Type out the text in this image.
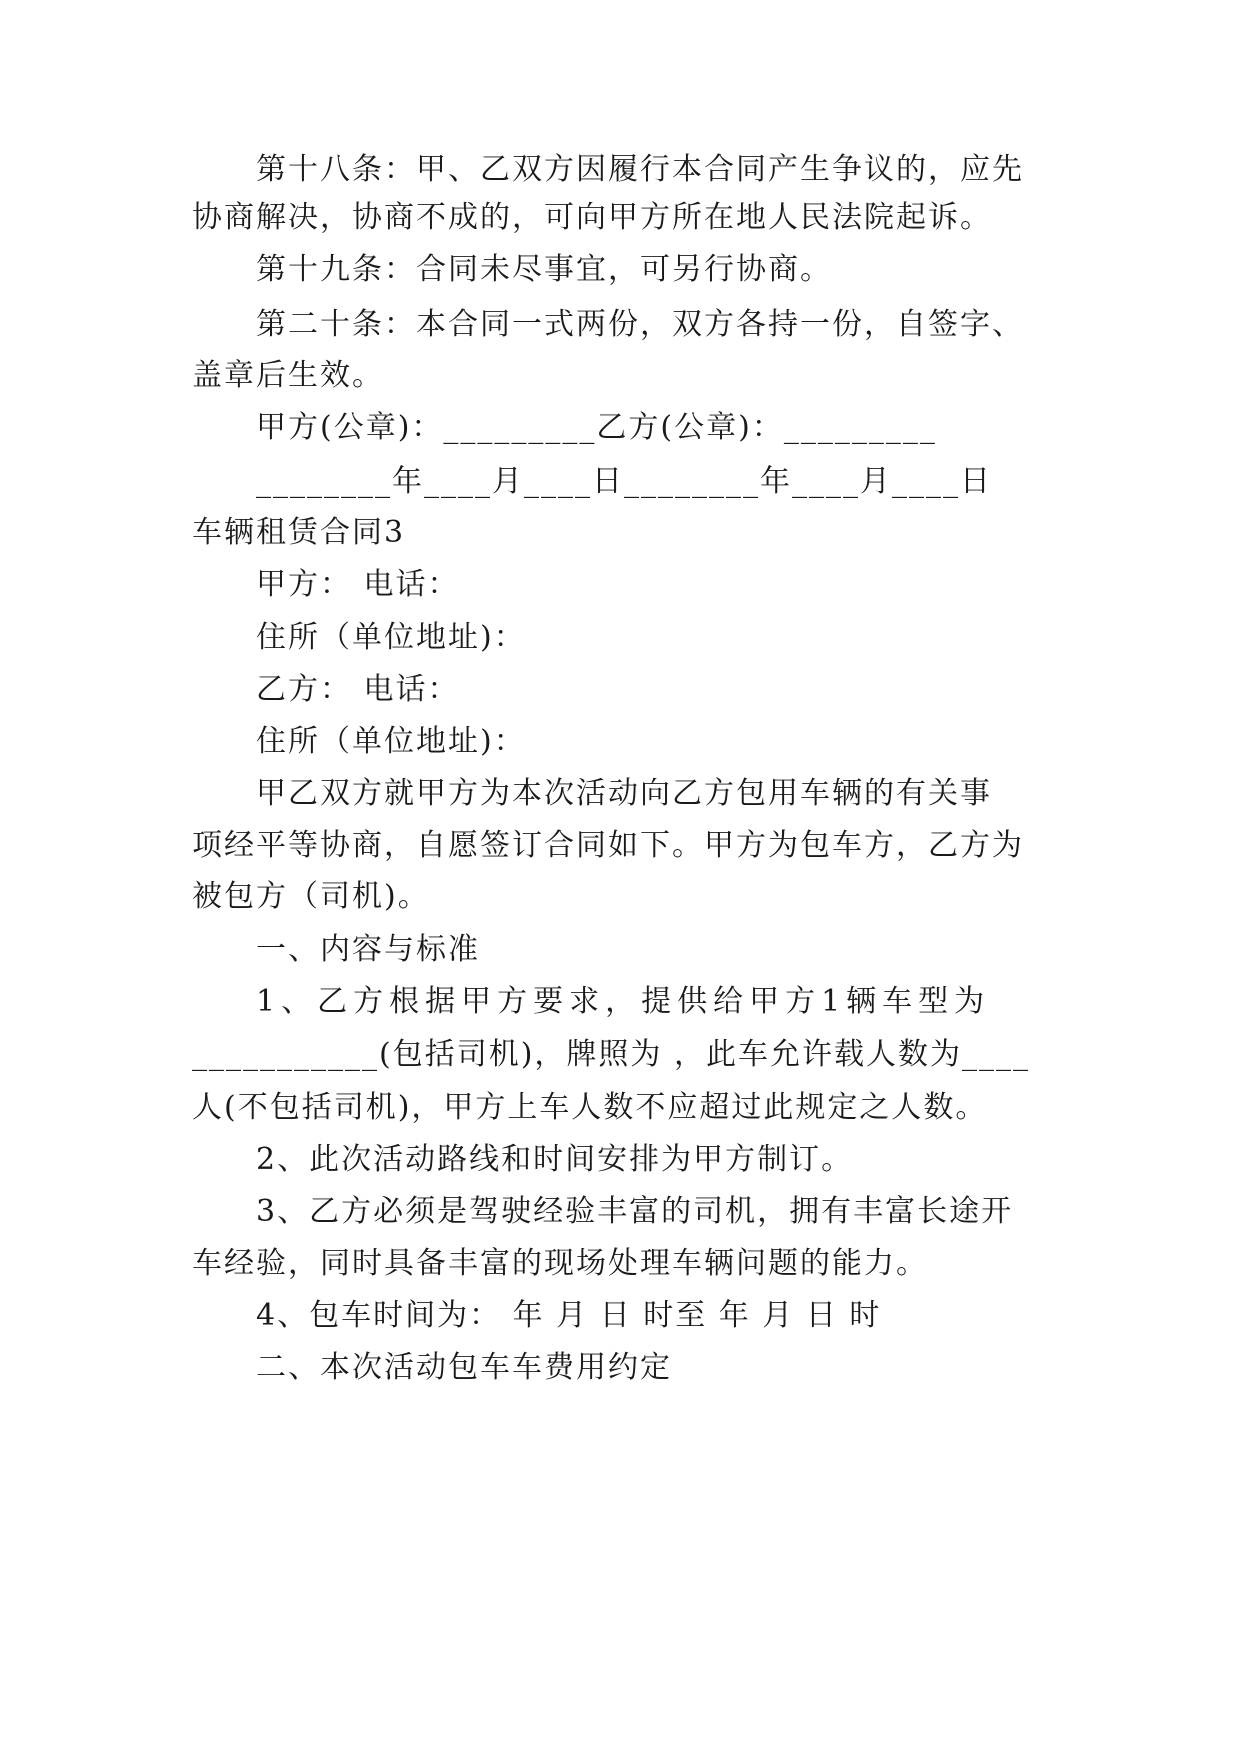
第十八条：甲、乙双方因履行本合同产生争议的，应先
协商解决，协商不成的，可向甲方所在地人民法院起诉。
第十九条：合同未尽事宜，可另行协商。
第二十条：本合同一式两份，双方各持一份，自签字、
盖章后生效。
甲方(公章)：_________乙方(公章)：_________
________年____月____日________年____月____日
车辆租赁合同3
甲方： 电话：
住所（单位地址)：
乙方： 电话：
住所（单位地址)：
甲乙双方就甲方为本次活动向乙方包用车辆的有关事
项经平等协商，自愿签订合同如下。甲方为包车方，乙方为
被包方（司机)。
一、内容与标准
1、乙方根据甲方要求，提供给甲方1辆车型为
___________(包括司机)，牌照为 ，此车允许载人数为____
人(不包括司机)，甲方上车人数不应超过此规定之人数。
2、此次活动路线和时间安排为甲方制订。
3、乙方必须是驾驶经验丰富的司机，拥有丰富长途开
车经验，同时具备丰富的现场处理车辆问题的能力。
4、包车时间为： 年 月 日 时至 年 月 日 时
二、本次活动包车车费用约定
